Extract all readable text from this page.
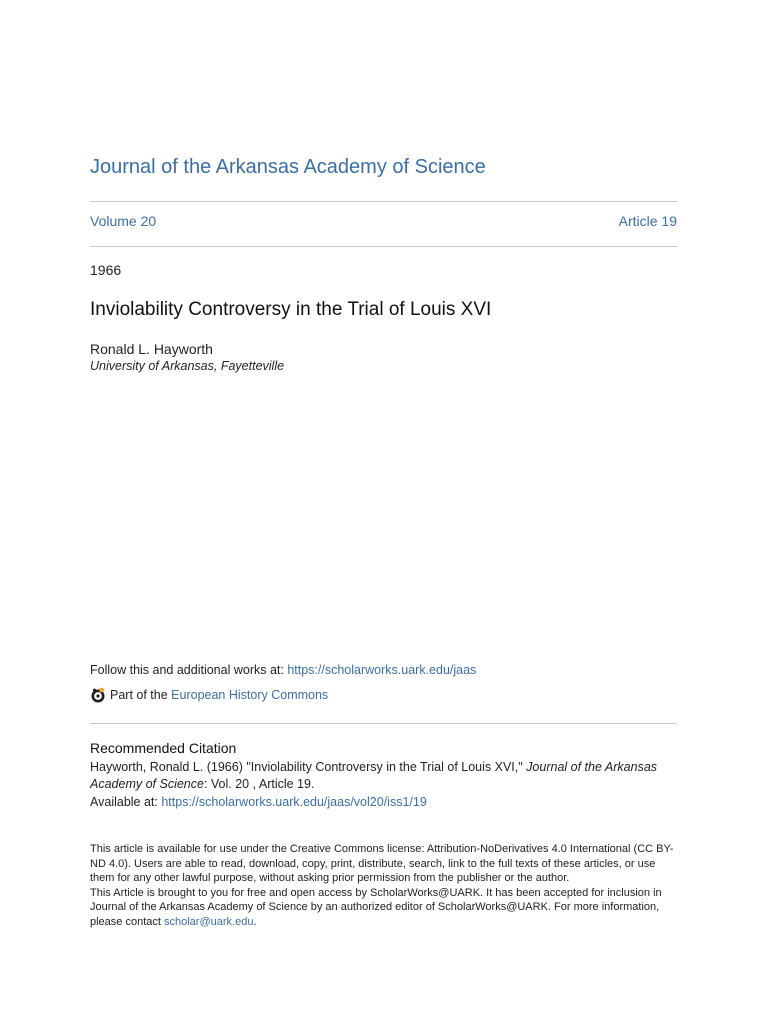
Journal of the Arkansas Academy of Science
Volume 20	Article 19
1966
Inviolability Controversy in the Trial of Louis XVI
Ronald L. Hayworth
University of Arkansas, Fayetteville
Follow this and additional works at: https://scholarworks.uark.edu/jaas
Part of the
European History Commons
Recommended Citation
Hayworth, Ronald L. (1966) "Inviolability Controversy in the Trial of Louis XVI," Journal of the Arkansas Academy of Science: Vol. 20 , Article 19.
Available at: https://scholarworks.uark.edu/jaas/vol20/iss1/19
This article is available for use under the Creative Commons license: Attribution-NoDerivatives 4.0 International (CC BY-ND 4.0). Users are able to read, download, copy, print, distribute, search, link to the full texts of these articles, or use them for any other lawful purpose, without asking prior permission from the publisher or the author.
This Article is brought to you for free and open access by ScholarWorks@UARK. It has been accepted for inclusion in Journal of the Arkansas Academy of Science by an authorized editor of ScholarWorks@UARK. For more information, please contact scholar@uark.edu.
